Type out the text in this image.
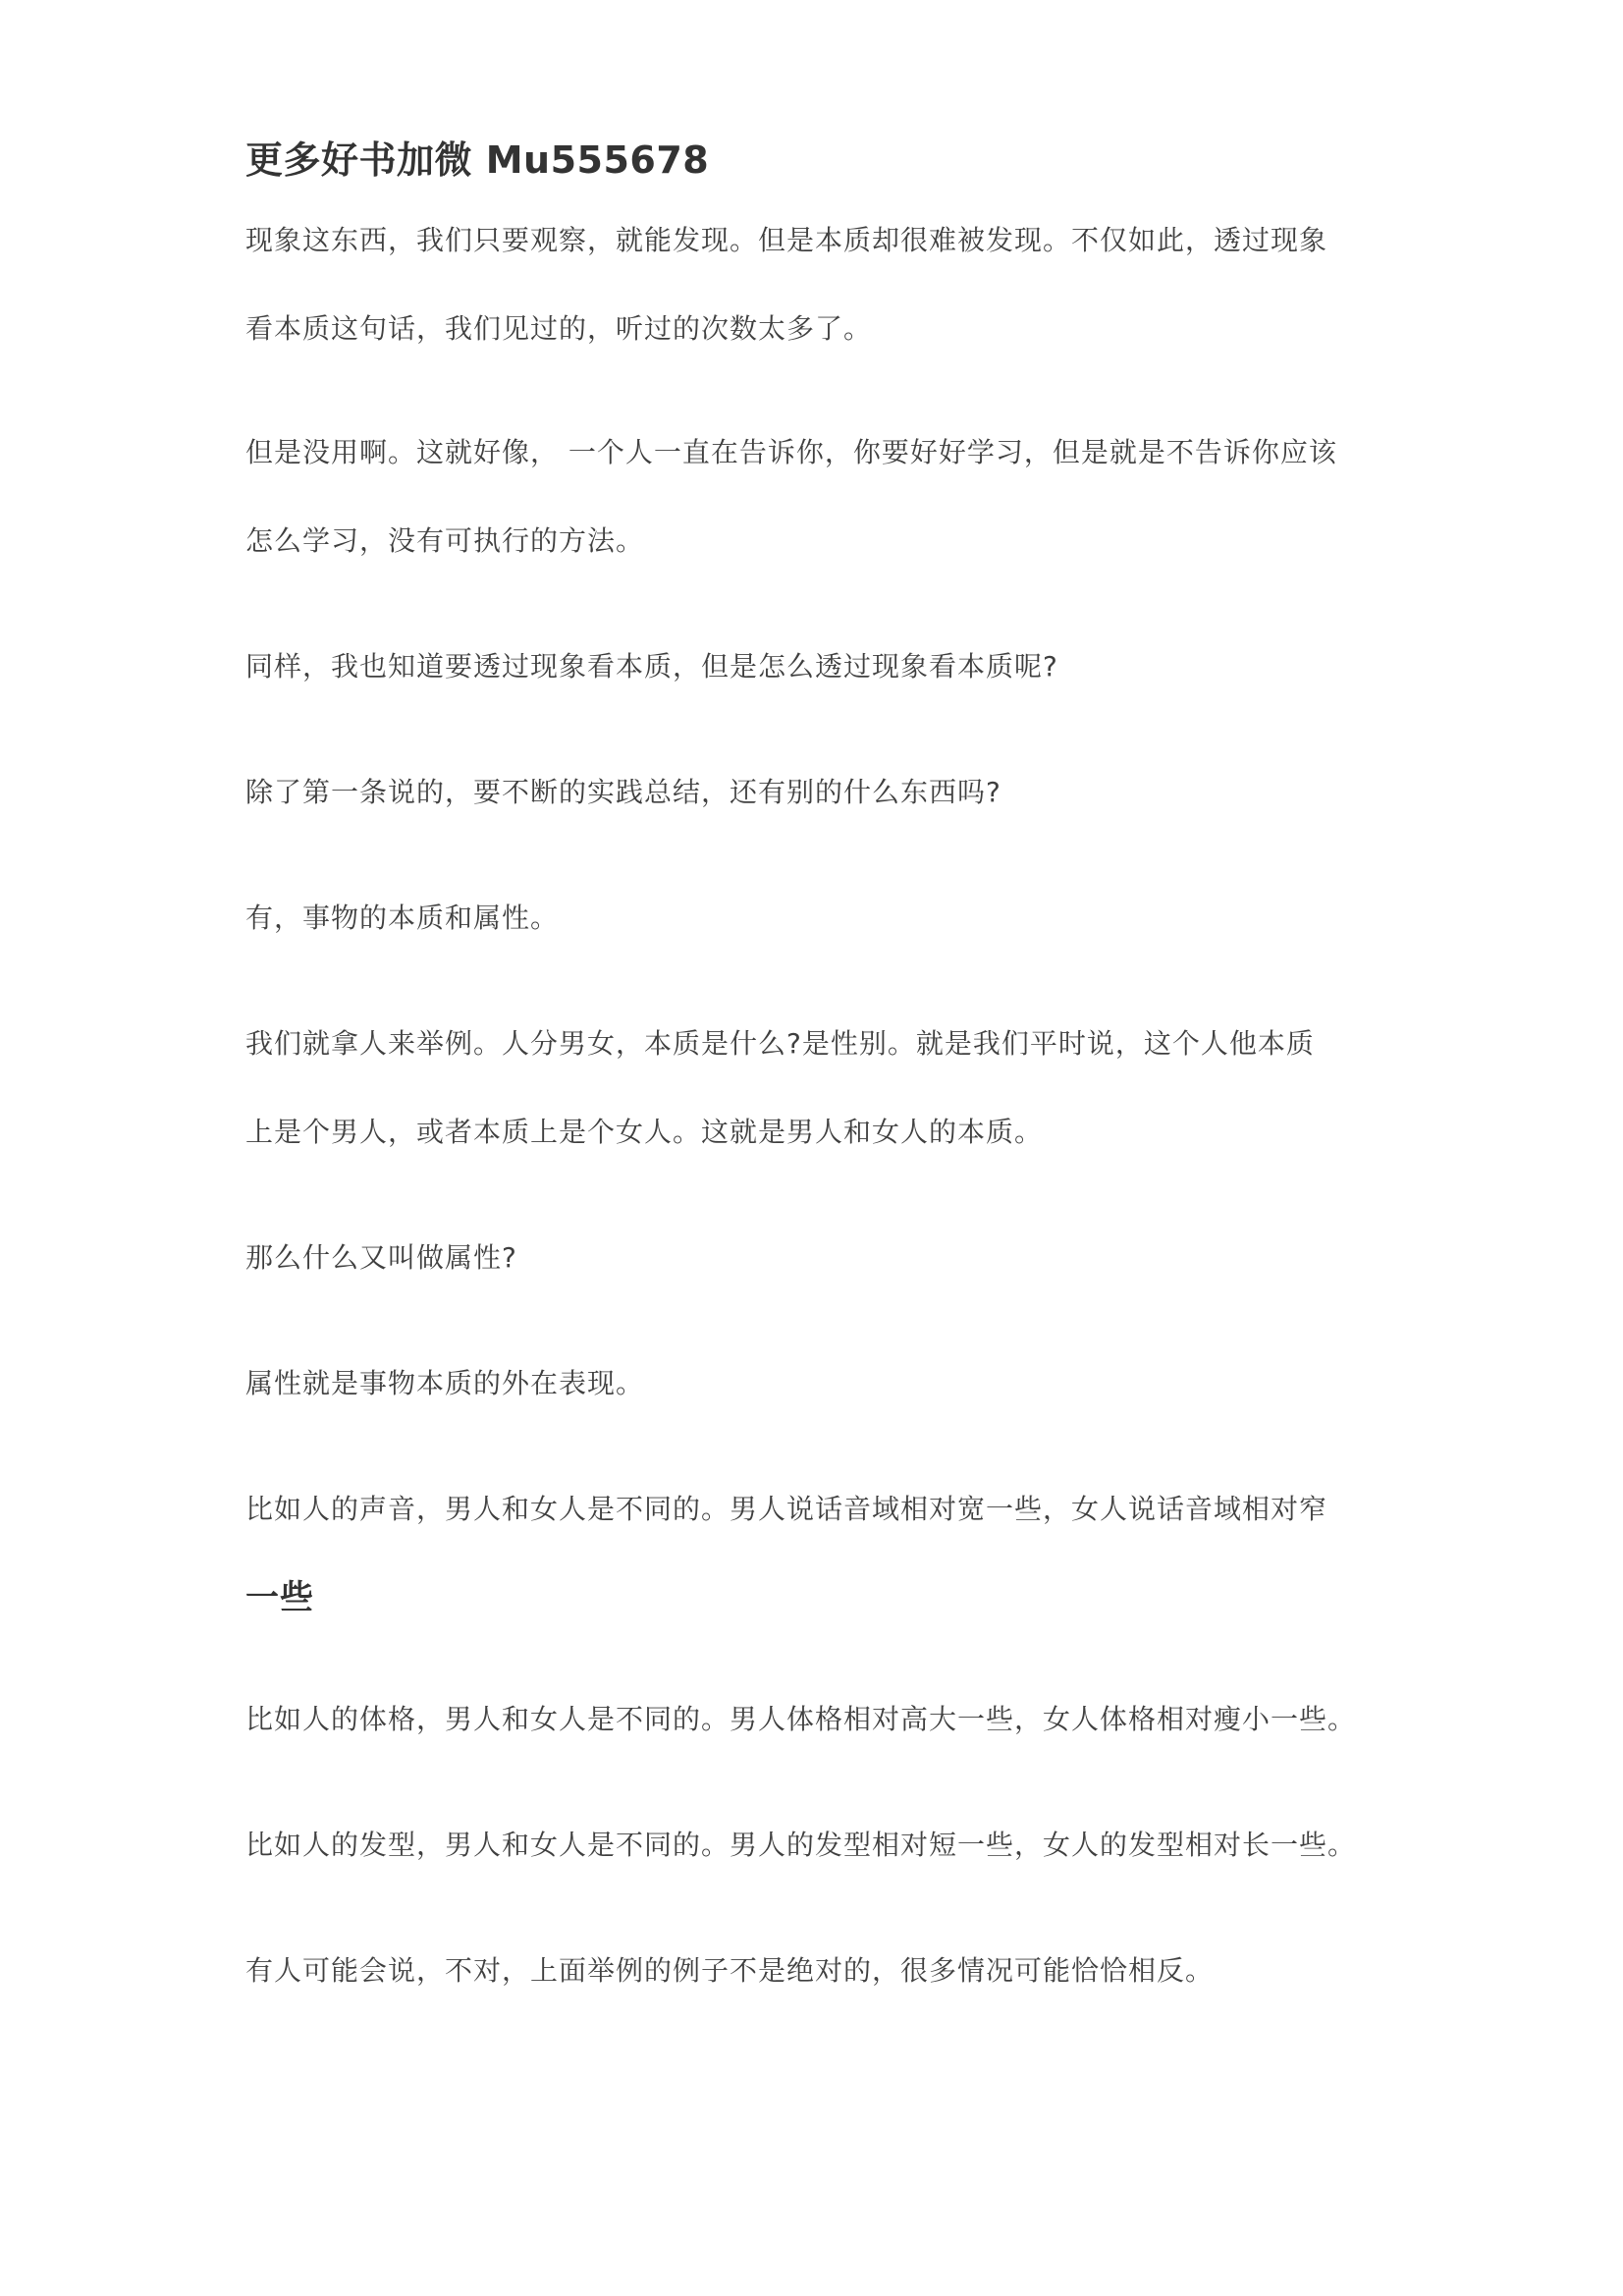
更多好书加微 Mu555678

现象这东西，我们只要观察，就能发现。但是本质却很难被发现。不仅如此，透过现象
看本质这句话，我们见过的，听过的次数太多了。

但是没用啊。这就好像， 一个人一直在告诉你，你要好好学习，但是就是不告诉你应该
怎么学习，没有可执行的方法。

同样，我也知道要透过现象看本质，但是怎么透过现象看本质呢?

除了第一条说的，要不断的实践总结，还有别的什么东西吗?

有，事物的本质和属性。

我们就拿人来举例。人分男女，本质是什么?是性别。就是我们平时说，这个人他本质
上是个男人，或者本质上是个女人。这就是男人和女人的本质。

那么什么又叫做属性?

属性就是事物本质的外在表现。

比如人的声音，男人和女人是不同的。男人说话音域相对宽一些，女人说话音域相对窄
一些

比如人的体格，男人和女人是不同的。男人体格相对高大一些，女人体格相对瘦小一些。

比如人的发型，男人和女人是不同的。男人的发型相对短一些，女人的发型相对长一些。

有人可能会说，不对，上面举例的例子不是绝对的，很多情况可能恰恰相反。
